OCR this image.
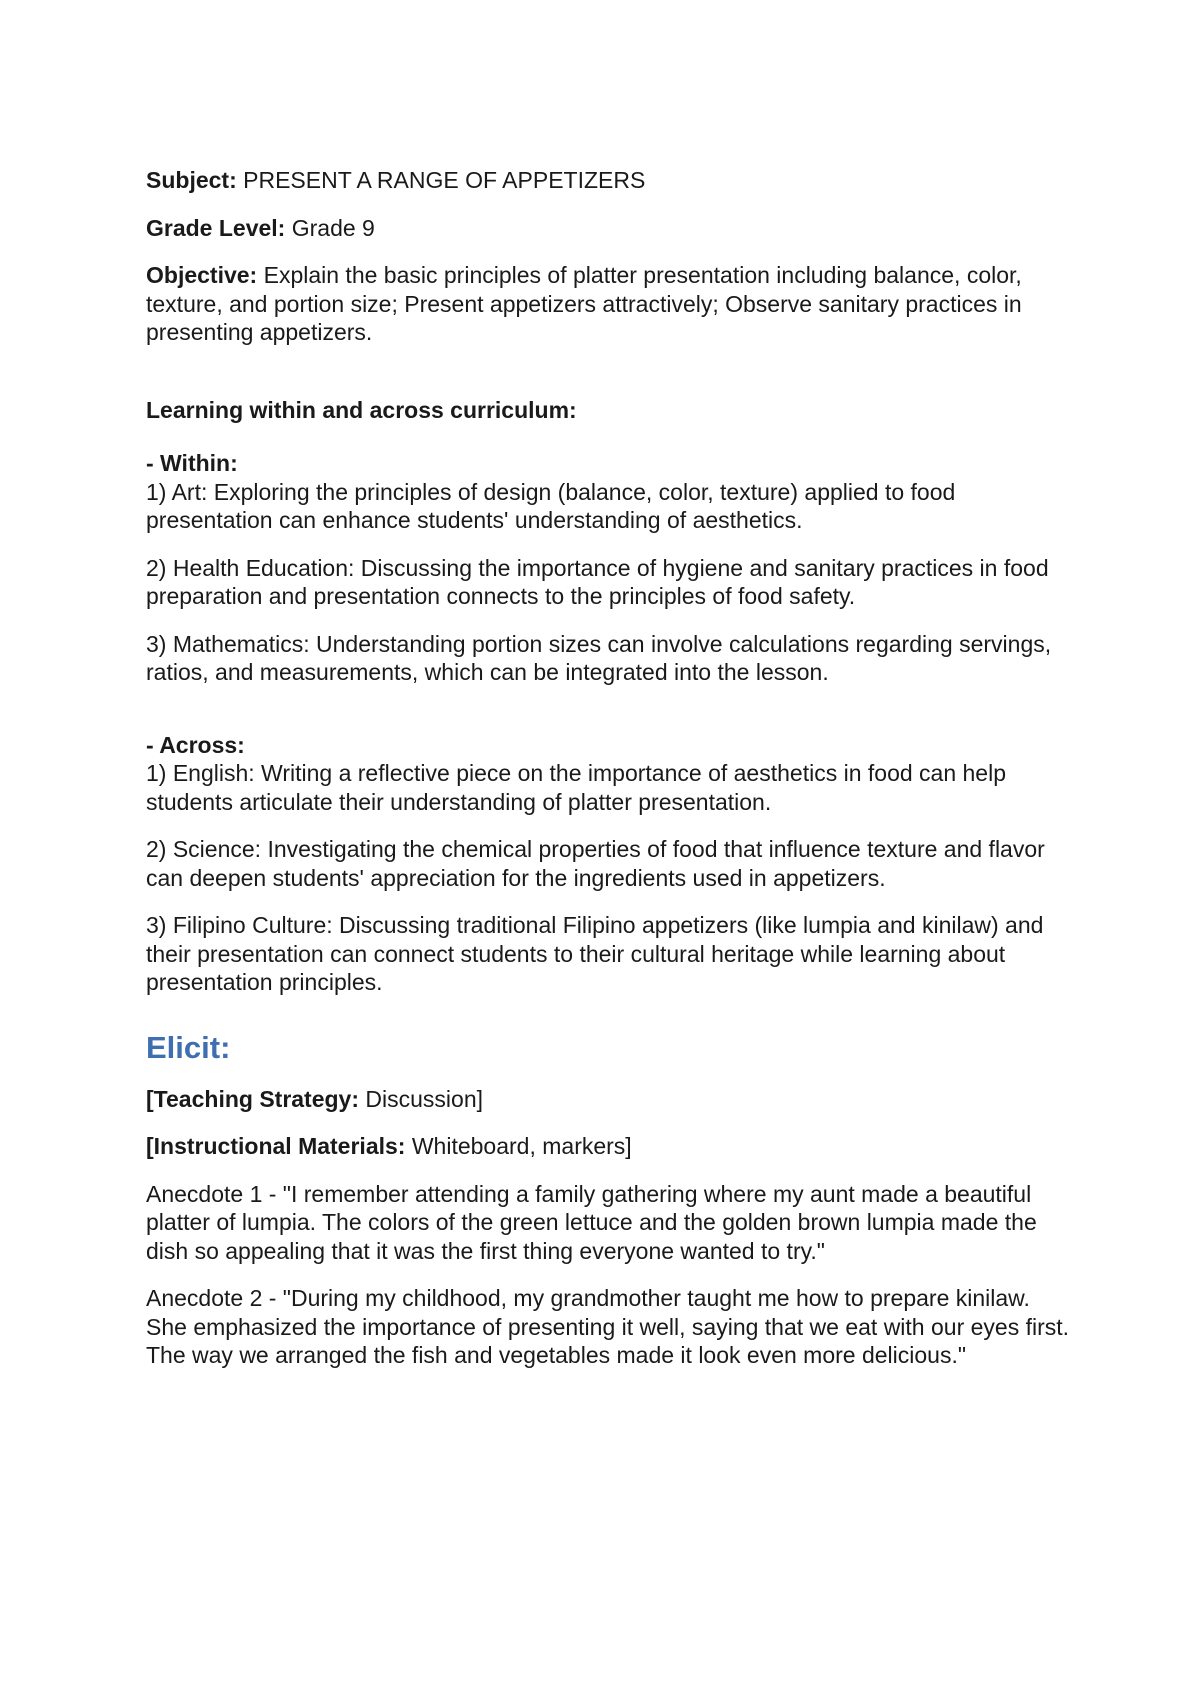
Subject: PRESENT A RANGE OF APPETIZERS

Grade Level: Grade 9

Objective: Explain the basic principles of platter presentation including balance, color, texture, and portion size; Present appetizers attractively; Observe sanitary practices in presenting appetizers.

Learning within and across curriculum:

- Within:

1) Art: Exploring the principles of design (balance, color, texture) applied to food presentation can enhance students' understanding of aesthetics.

2) Health Education: Discussing the importance of hygiene and sanitary practices in food preparation and presentation connects to the principles of food safety.

3) Mathematics: Understanding portion sizes can involve calculations regarding servings, ratios, and measurements, which can be integrated into the lesson.

- Across:

1) English: Writing a reflective piece on the importance of aesthetics in food can help students articulate their understanding of platter presentation.

2) Science: Investigating the chemical properties of food that influence texture and flavor can deepen students' appreciation for the ingredients used in appetizers.

3) Filipino Culture: Discussing traditional Filipino appetizers (like lumpia and kinilaw) and their presentation can connect students to their cultural heritage while learning about presentation principles.

Elicit:

[Teaching Strategy: Discussion]

[Instructional Materials: Whiteboard, markers]

Anecdote 1 - "I remember attending a family gathering where my aunt made a beautiful platter of lumpia. The colors of the green lettuce and the golden brown lumpia made the dish so appealing that it was the first thing everyone wanted to try."

Anecdote 2 - "During my childhood, my grandmother taught me how to prepare kinilaw. She emphasized the importance of presenting it well, saying that we eat with our eyes first. The way we arranged the fish and vegetables made it look even more delicious."
